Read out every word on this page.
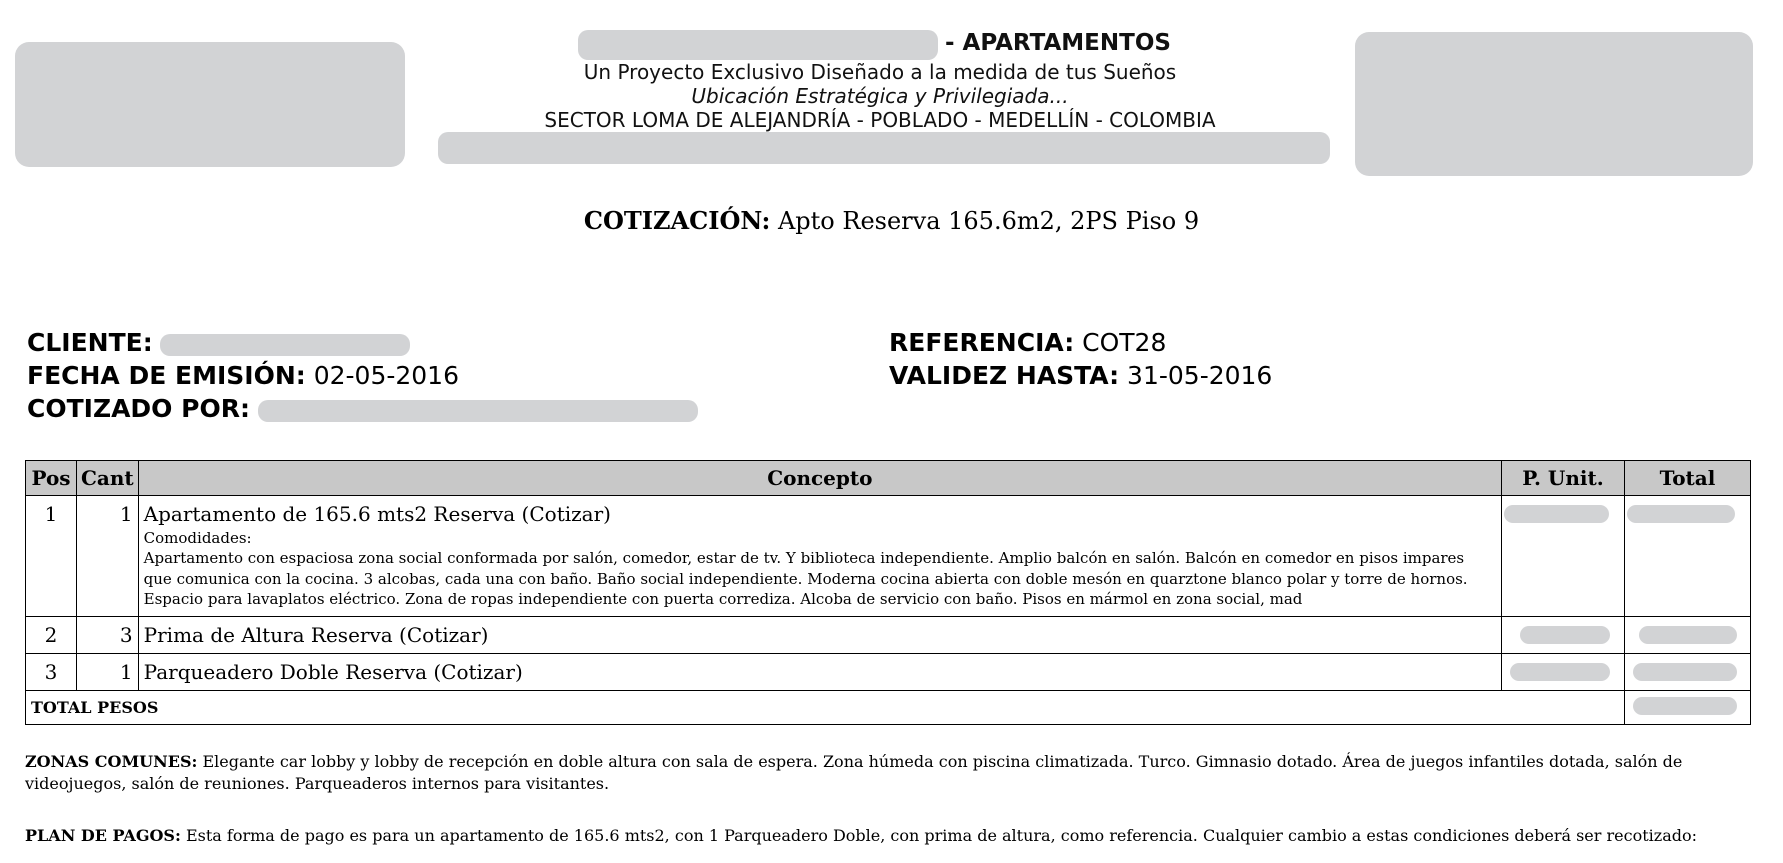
- APARTAMENTOS
Un Proyecto Exclusivo Diseñado a la medida de tus Sueños
Ubicación Estratégica y Privilegiada...
SECTOR LOMA DE ALEJANDRÍA - POBLADO - MEDELLÍN - COLOMBIA
COTIZACIÓN: Apto Reserva 165.6m2, 2PS Piso 9
CLIENTE:
FECHA DE EMISIÓN: 02-05-2016
COTIZADO POR:
REFERENCIA: COT28
VALIDEZ HASTA: 31-05-2016
Pos	Cant	Concepto	P. Unit.	Total
1	1	Apartamento de 165.6 mts2 Reserva (Cotizar)
Comodidades:
Apartamento con espaciosa zona social conformada por salón, comedor, estar de tv. Y biblioteca independiente. Amplio balcón en salón. Balcón en comedor en pisos impares que comunica con la cocina. 3 alcobas, cada una con baño. Baño social independiente. Moderna cocina abierta con doble mesón en quarztone blanco polar y torre de hornos. Espacio para lavaplatos eléctrico. Zona de ropas independiente con puerta corrediza. Alcoba de servicio con baño. Pisos en mármol en zona social, mad		

2	3	Prima de Altura Reserva (Cotizar)	

3	1	Parqueadero Doble Reserva (Cotizar)	

TOTAL PESOS				
ZONAS COMUNES: Elegante car lobby y lobby de recepción en doble altura con sala de espera. Zona húmeda con piscina climatizada. Turco. Gimnasio dotado. Área de juegos infantiles dotada, salón de videojuegos, salón de reuniones. Parqueaderos internos para visitantes.
PLAN DE PAGOS: Esta forma de pago es para un apartamento de 165.6 mts2, con 1 Parqueadero Doble, con prima de altura, como referencia. Cualquier cambio a estas condiciones deberá ser recotizado:
